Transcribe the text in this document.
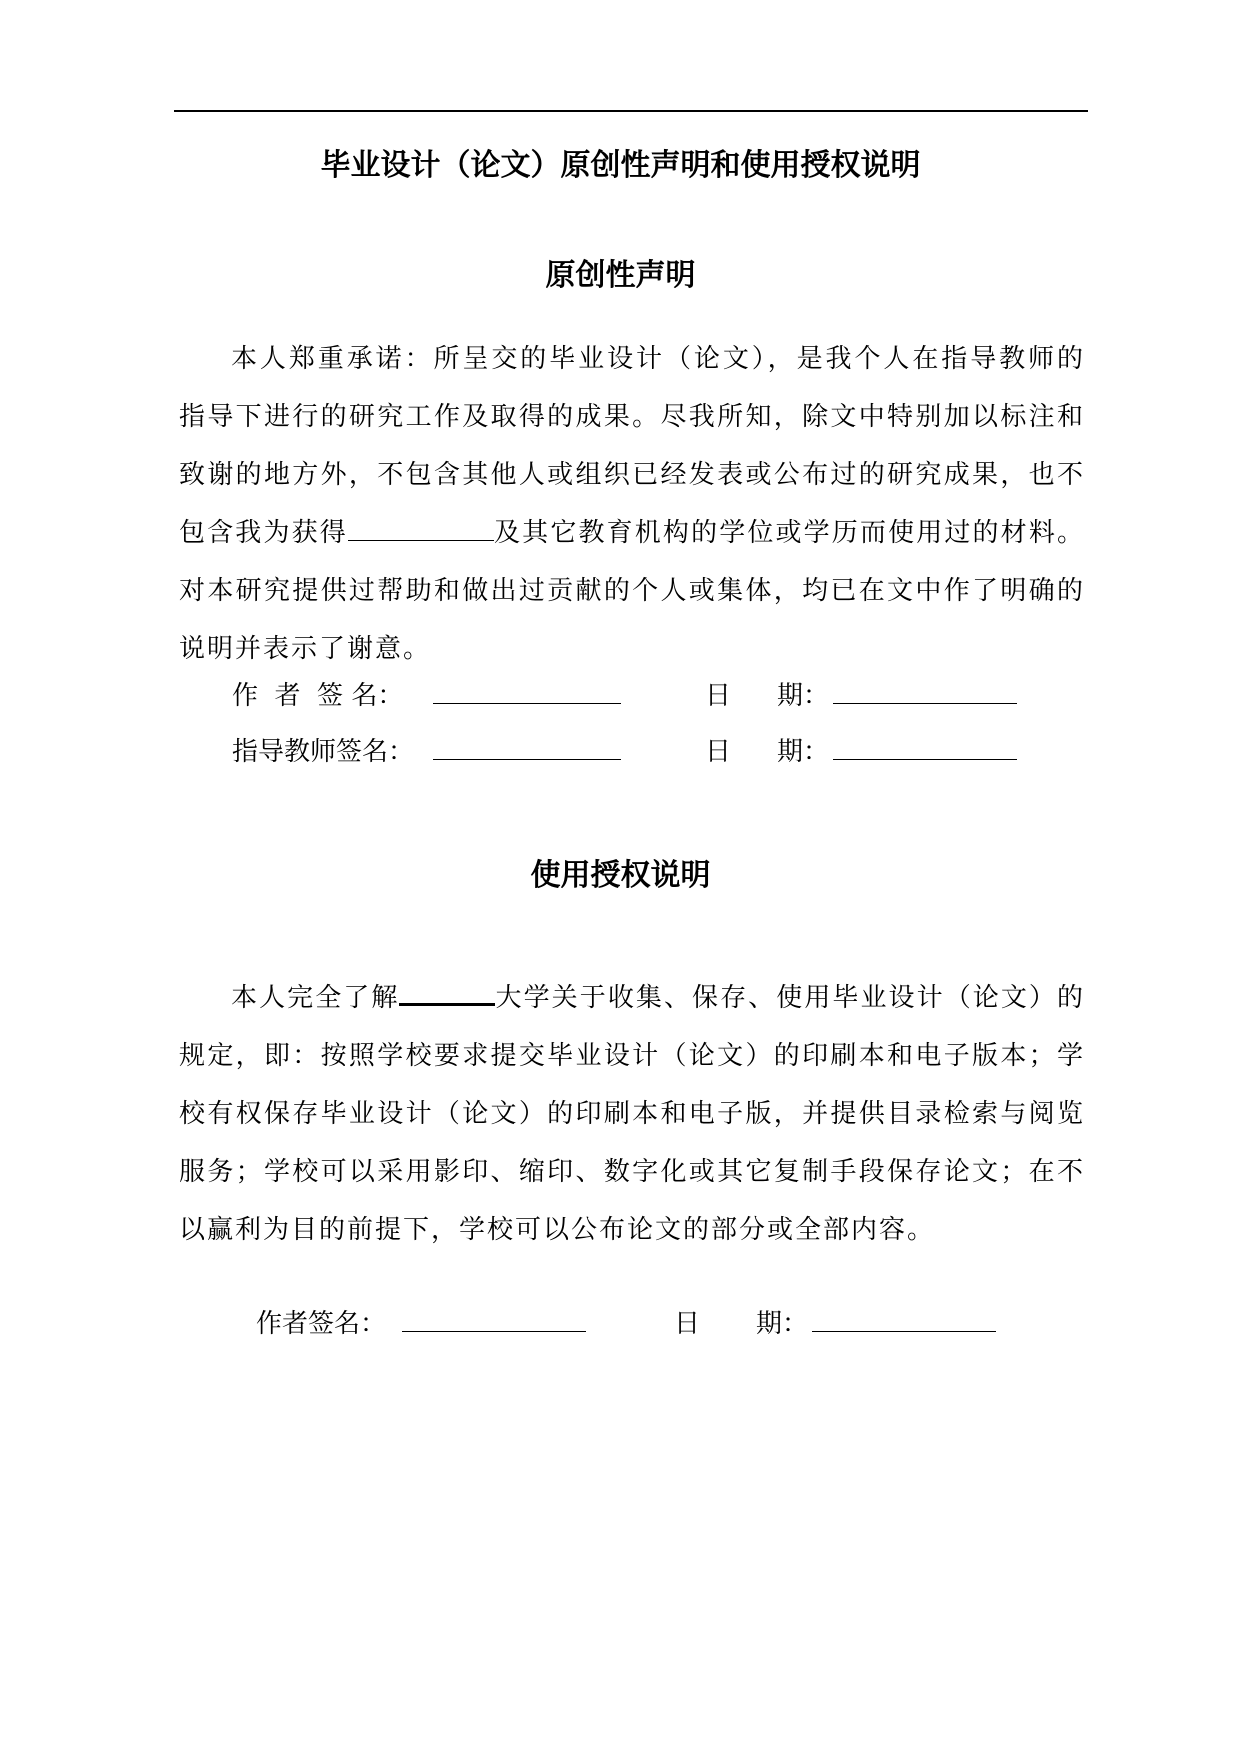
毕业设计（论文）原创性声明和使用授权说明
原创性声明
本人郑重承诺：所呈交的毕业设计（论文），是我个人在指导教师的指导下进行的研究工作及取得的成果。尽我所知，除文中特别加以标注和致谢的地方外，不包含其他人或组织已经发表或公布过的研究成果，也不包含我为获得	及其它教育机构的学位或学历而使用过的材料。对本研究提供过帮助和做出过贡献的个人或集体，均已在文中作了明确的说明并表示了谢意。
作  者  签 名：	日 期：
指导教师签名：	日 期：
使用授权说明
本人完全了解	大学关于收集、保存、使用毕业设计（论文）的规定，即：按照学校要求提交毕业设计（论文）的印刷本和电子版本；学校有权保存毕业设计（论文）的印刷本和电子版，并提供目录检索与阅览服务；学校可以采用影印、缩印、数字化或其它复制手段保存论文；在不以赢利为目的前提下，学校可以公布论文的部分或全部内容。
作者签名：	日 期：
